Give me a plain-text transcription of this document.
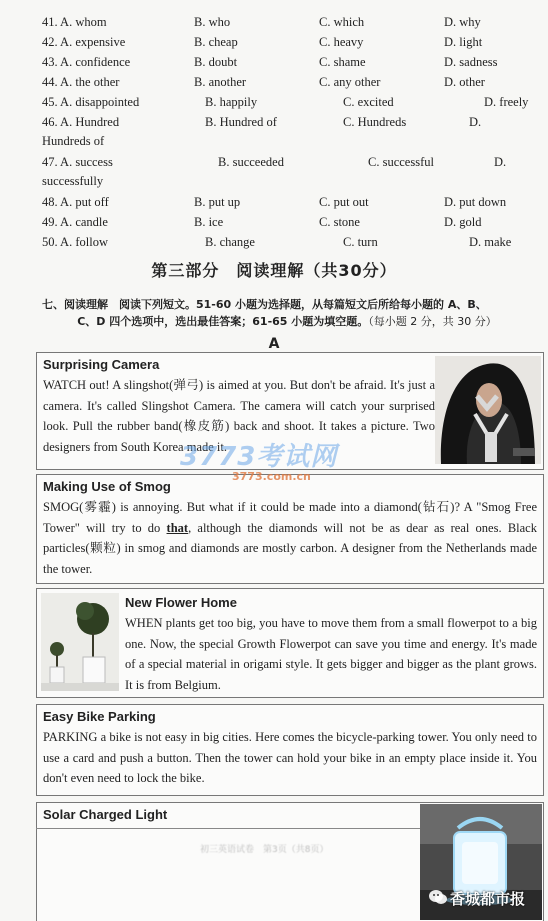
41. A. whom	B. who	C. which	D. why
42. A. expensive	B. cheap	C. heavy	D. light
43. A. confidence	B. doubt	C. shame	D. sadness
44. A. the other	B. another	C. any other	D. other
45. A. disappointed	B. happily	C. excited	D. freely
46. A. Hundred	B. Hundred of	C. Hundreds	D.
Hundreds of
47. A. success	B. succeeded	C. successful	D.
successfully
48. A. put off	B. put up	C. put out	D. put down
49. A. candle	B. ice	C. stone	D. gold
50. A. follow	B. change	C. turn	D. make
第三部分　阅读理解（共30分）
七、阅读理解　阅读下列短文。51-60 小题为选择题，从每篇短文后所给每小题的 A、B、
C、D 四个选项中，选出最佳答案；61-65 小题为填空题。（每小题 2 分，共 30 分）
A
Surprising Camera
WATCH out! A slingshot(弹弓) is aimed at you. But don't be afraid. It's just a camera. It's called Slingshot Camera. The camera will catch your surprised look. Pull the rubber band(橡皮筋) back and shoot. It takes a picture. Two designers from South Korea made it.
Making Use of Smog
SMOG(雾霾) is annoying. But what if it could be made into a diamond(钻石)? A "Smog Free Tower" will try to do that, although the diamonds will not be as dear as real ones. Black particles(颗粒) in smog and diamonds are mostly carbon. A designer from the Netherlands made the tower.
New Flower Home
WHEN plants get too big, you have to move them from a small flowerpot to a big one. Now, the special Growth Flowerpot can save you time and energy. It's made of a special material in origami style. It gets bigger and bigger as the plant grows. It is from Belgium.
Easy Bike Parking
PARKING a bike is not easy in big cities. Here comes the bicycle-parking tower. You only need to use a card and push a button. Then the tower can hold your bike in an empty place inside it. You don't even need to lock the bike.
Solar Charged Light
初三英语试卷　第3页（共8页）
3773考试网
3773.com.cn
香城都市报
